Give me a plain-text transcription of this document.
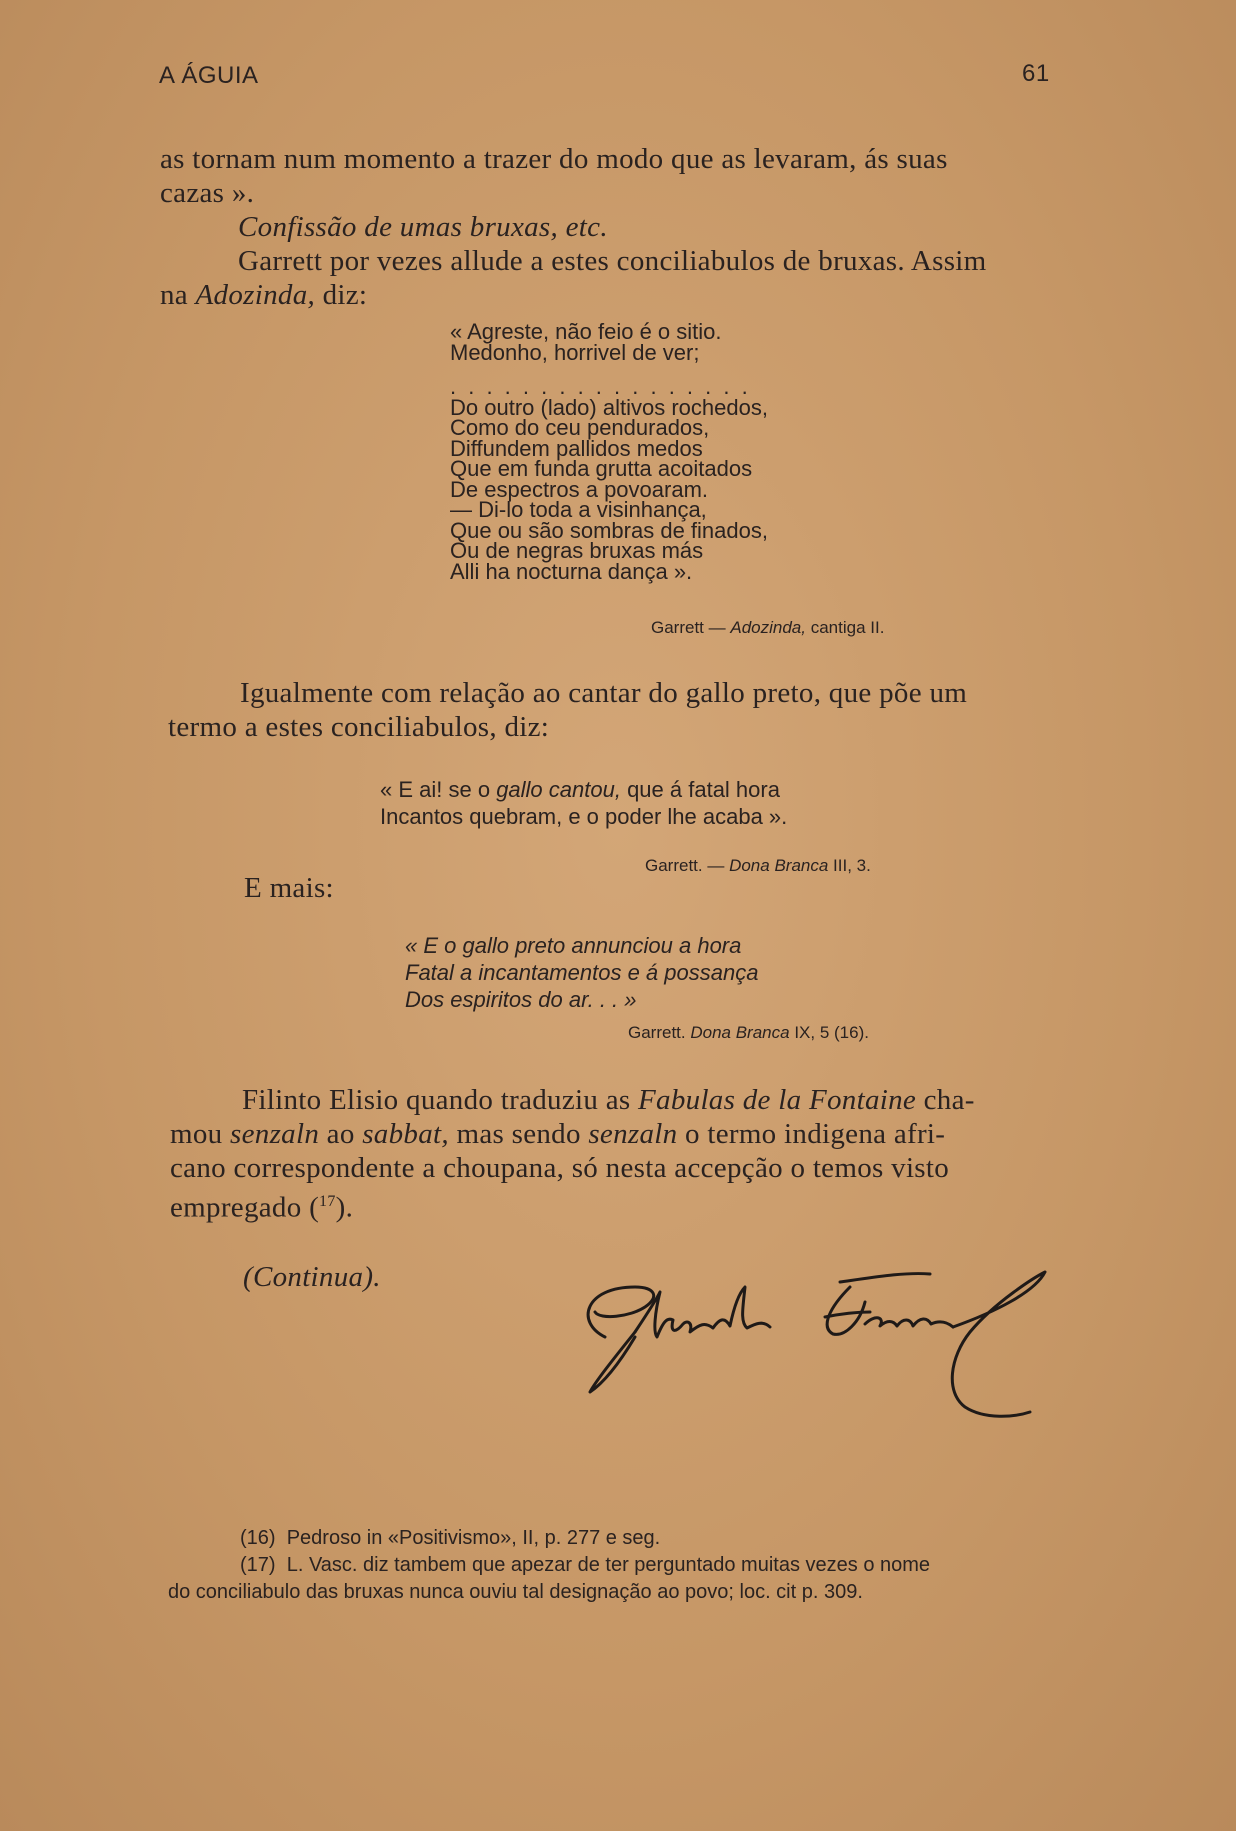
A ÁGUIA	61
as tornam num momento a trazer do modo que as levaram, ás suas
cazas ».
Confissão de umas bruxas, etc.
Garrett por vezes allude a estes conciliabulos de bruxas. Assim
na Adozinda, diz:
« Agreste, não feio é o sitio.
Medonho, horrivel de ver;
. . . . . . . . . . . . . . . . .
Do outro (lado) altivos rochedos,
Como do ceu pendurados,
Diffundem pallidos medos
Que em funda grutta acoitados
De espectros a povoaram.
— Di-lo toda a visinhança,
Que ou são sombras de finados,
Ou de negras bruxas más
Alli ha nocturna dança ».
Garrett — Adozinda, cantiga II.
Igualmente com relação ao cantar do gallo preto, que põe um
termo a estes conciliabulos, diz:
« E ai! se o gallo cantou, que á fatal hora
Incantos quebram, e o poder lhe acaba ».
Garrett. — Dona Branca III, 3.
E mais:
« E o gallo preto annunciou a hora
Fatal a incantamentos e á possança
Dos espiritos do ar. . . »
Garrett. Dona Branca IX, 5 (16).
Filinto Elisio quando traduziu as Fabulas de la Fontaine cha-
mou senzaln ao sabbat, mas sendo senzaln o termo indigena afri-
cano correspondente a choupana, só nesta accepção o temos visto
empregado ($^{17}$).
(Continua).
(16) Pedroso in «Positivismo», II, p. 277 e seg.
(17) L. Vasc. diz tambem que apezar de ter perguntado muitas vezes o nome
do conciliabulo das bruxas nunca ouviu tal designação ao povo; loc. cit p. 309.
